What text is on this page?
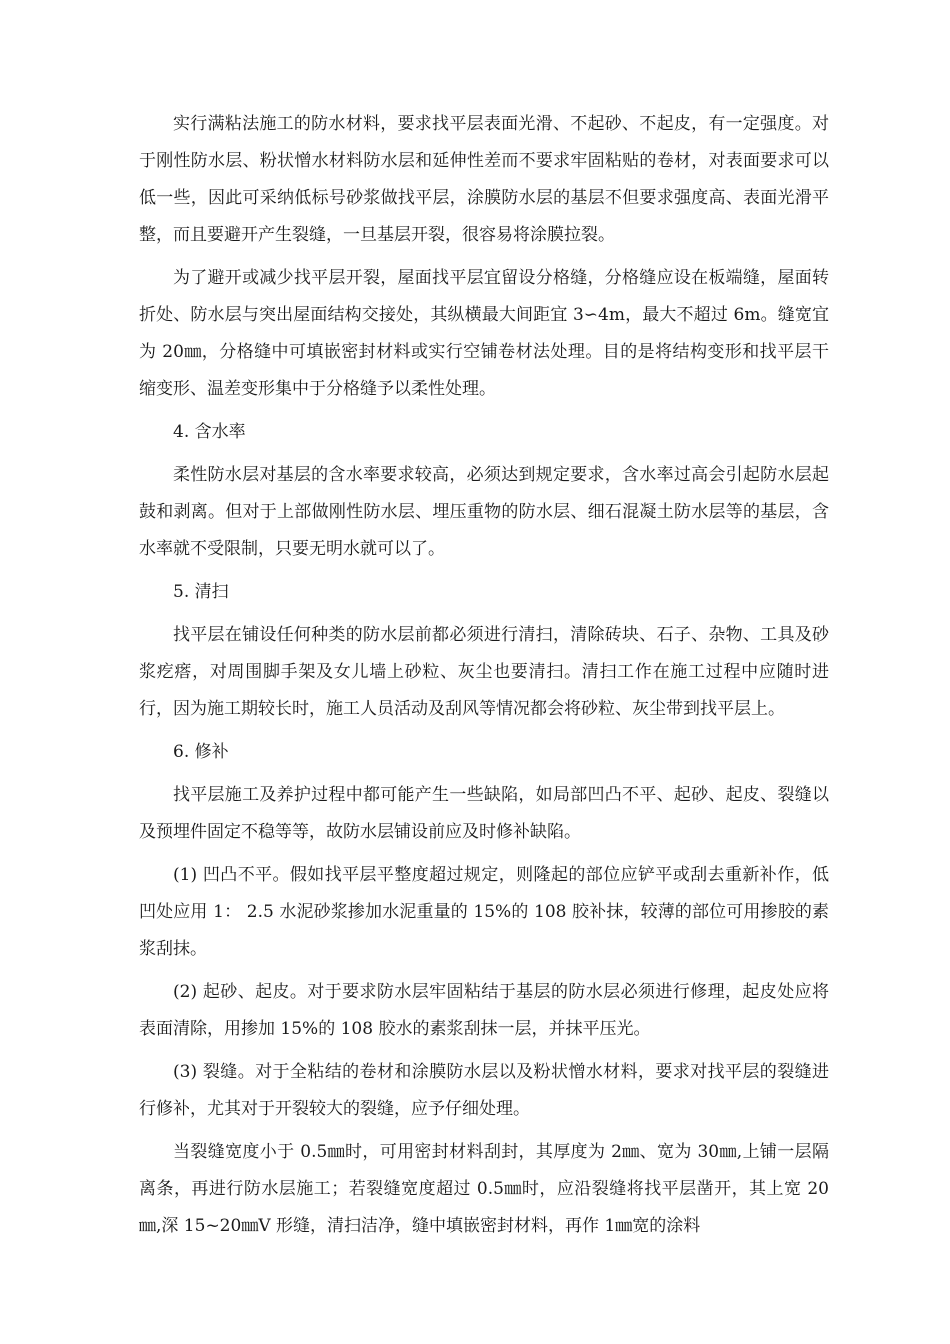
实行满粘法施工的防水材料，要求找平层表面光滑、不起砂、不起皮，有一定强度。对于刚性防水层、粉状憎水材料防水层和延伸性差而不要求牢固粘贴的卷材，对表面要求可以低一些，因此可采纳低标号砂浆做找平层，涂膜防水层的基层不但要求强度高、表面光滑平整，而且要避开产生裂缝，一旦基层开裂，很容易将涂膜拉裂。

为了避开或减少找平层开裂，屋面找平层宜留设分格缝，分格缝应设在板端缝，屋面转折处、防水层与突出屋面结构交接处，其纵横最大间距宜 3∽4m，最大不超过 6m。缝宽宜为 20㎜，分格缝中可填嵌密封材料或实行空铺卷材法处理。目的是将结构变形和找平层干缩变形、温差变形集中于分格缝予以柔性处理。

4. 含水率

柔性防水层对基层的含水率要求较高，必须达到规定要求，含水率过高会引起防水层起鼓和剥离。但对于上部做刚性防水层、埋压重物的防水层、细石混凝土防水层等的基层，含水率就不受限制，只要无明水就可以了。

5. 清扫

找平层在铺设任何种类的防水层前都必须进行清扫，清除砖块、石子、杂物、工具及砂浆疙瘩，对周围脚手架及女儿墙上砂粒、灰尘也要清扫。清扫工作在施工过程中应随时进行，因为施工期较长时，施工人员活动及刮风等情况都会将砂粒、灰尘带到找平层上。

6. 修补

找平层施工及养护过程中都可能产生一些缺陷，如局部凹凸不平、起砂、起皮、裂缝以及预埋件固定不稳等等，故防水层铺设前应及时修补缺陷。

(1) 凹凸不平。假如找平层平整度超过规定，则隆起的部位应铲平或刮去重新补作，低凹处应用 1： 2.5 水泥砂浆掺加水泥重量的 15%的 108 胶补抹，较薄的部位可用掺胶的素浆刮抹。

(2) 起砂、起皮。对于要求防水层牢固粘结于基层的防水层必须进行修理，起皮处应将表面清除，用掺加 15%的 108 胶水的素浆刮抹一层，并抹平压光。

(3) 裂缝。对于全粘结的卷材和涂膜防水层以及粉状憎水材料，要求对找平层的裂缝进行修补，尤其对于开裂较大的裂缝，应予仔细处理。

当裂缝宽度小于 0.5㎜时，可用密封材料刮封，其厚度为 2㎜、宽为 30㎜,上铺一层隔离条，再进行防水层施工；若裂缝宽度超过 0.5㎜时，应沿裂缝将找平层凿开，其上宽 20㎜,深 15~20㎜V 形缝，清扫洁净，缝中填嵌密封材料，再作 1㎜宽的涂料
